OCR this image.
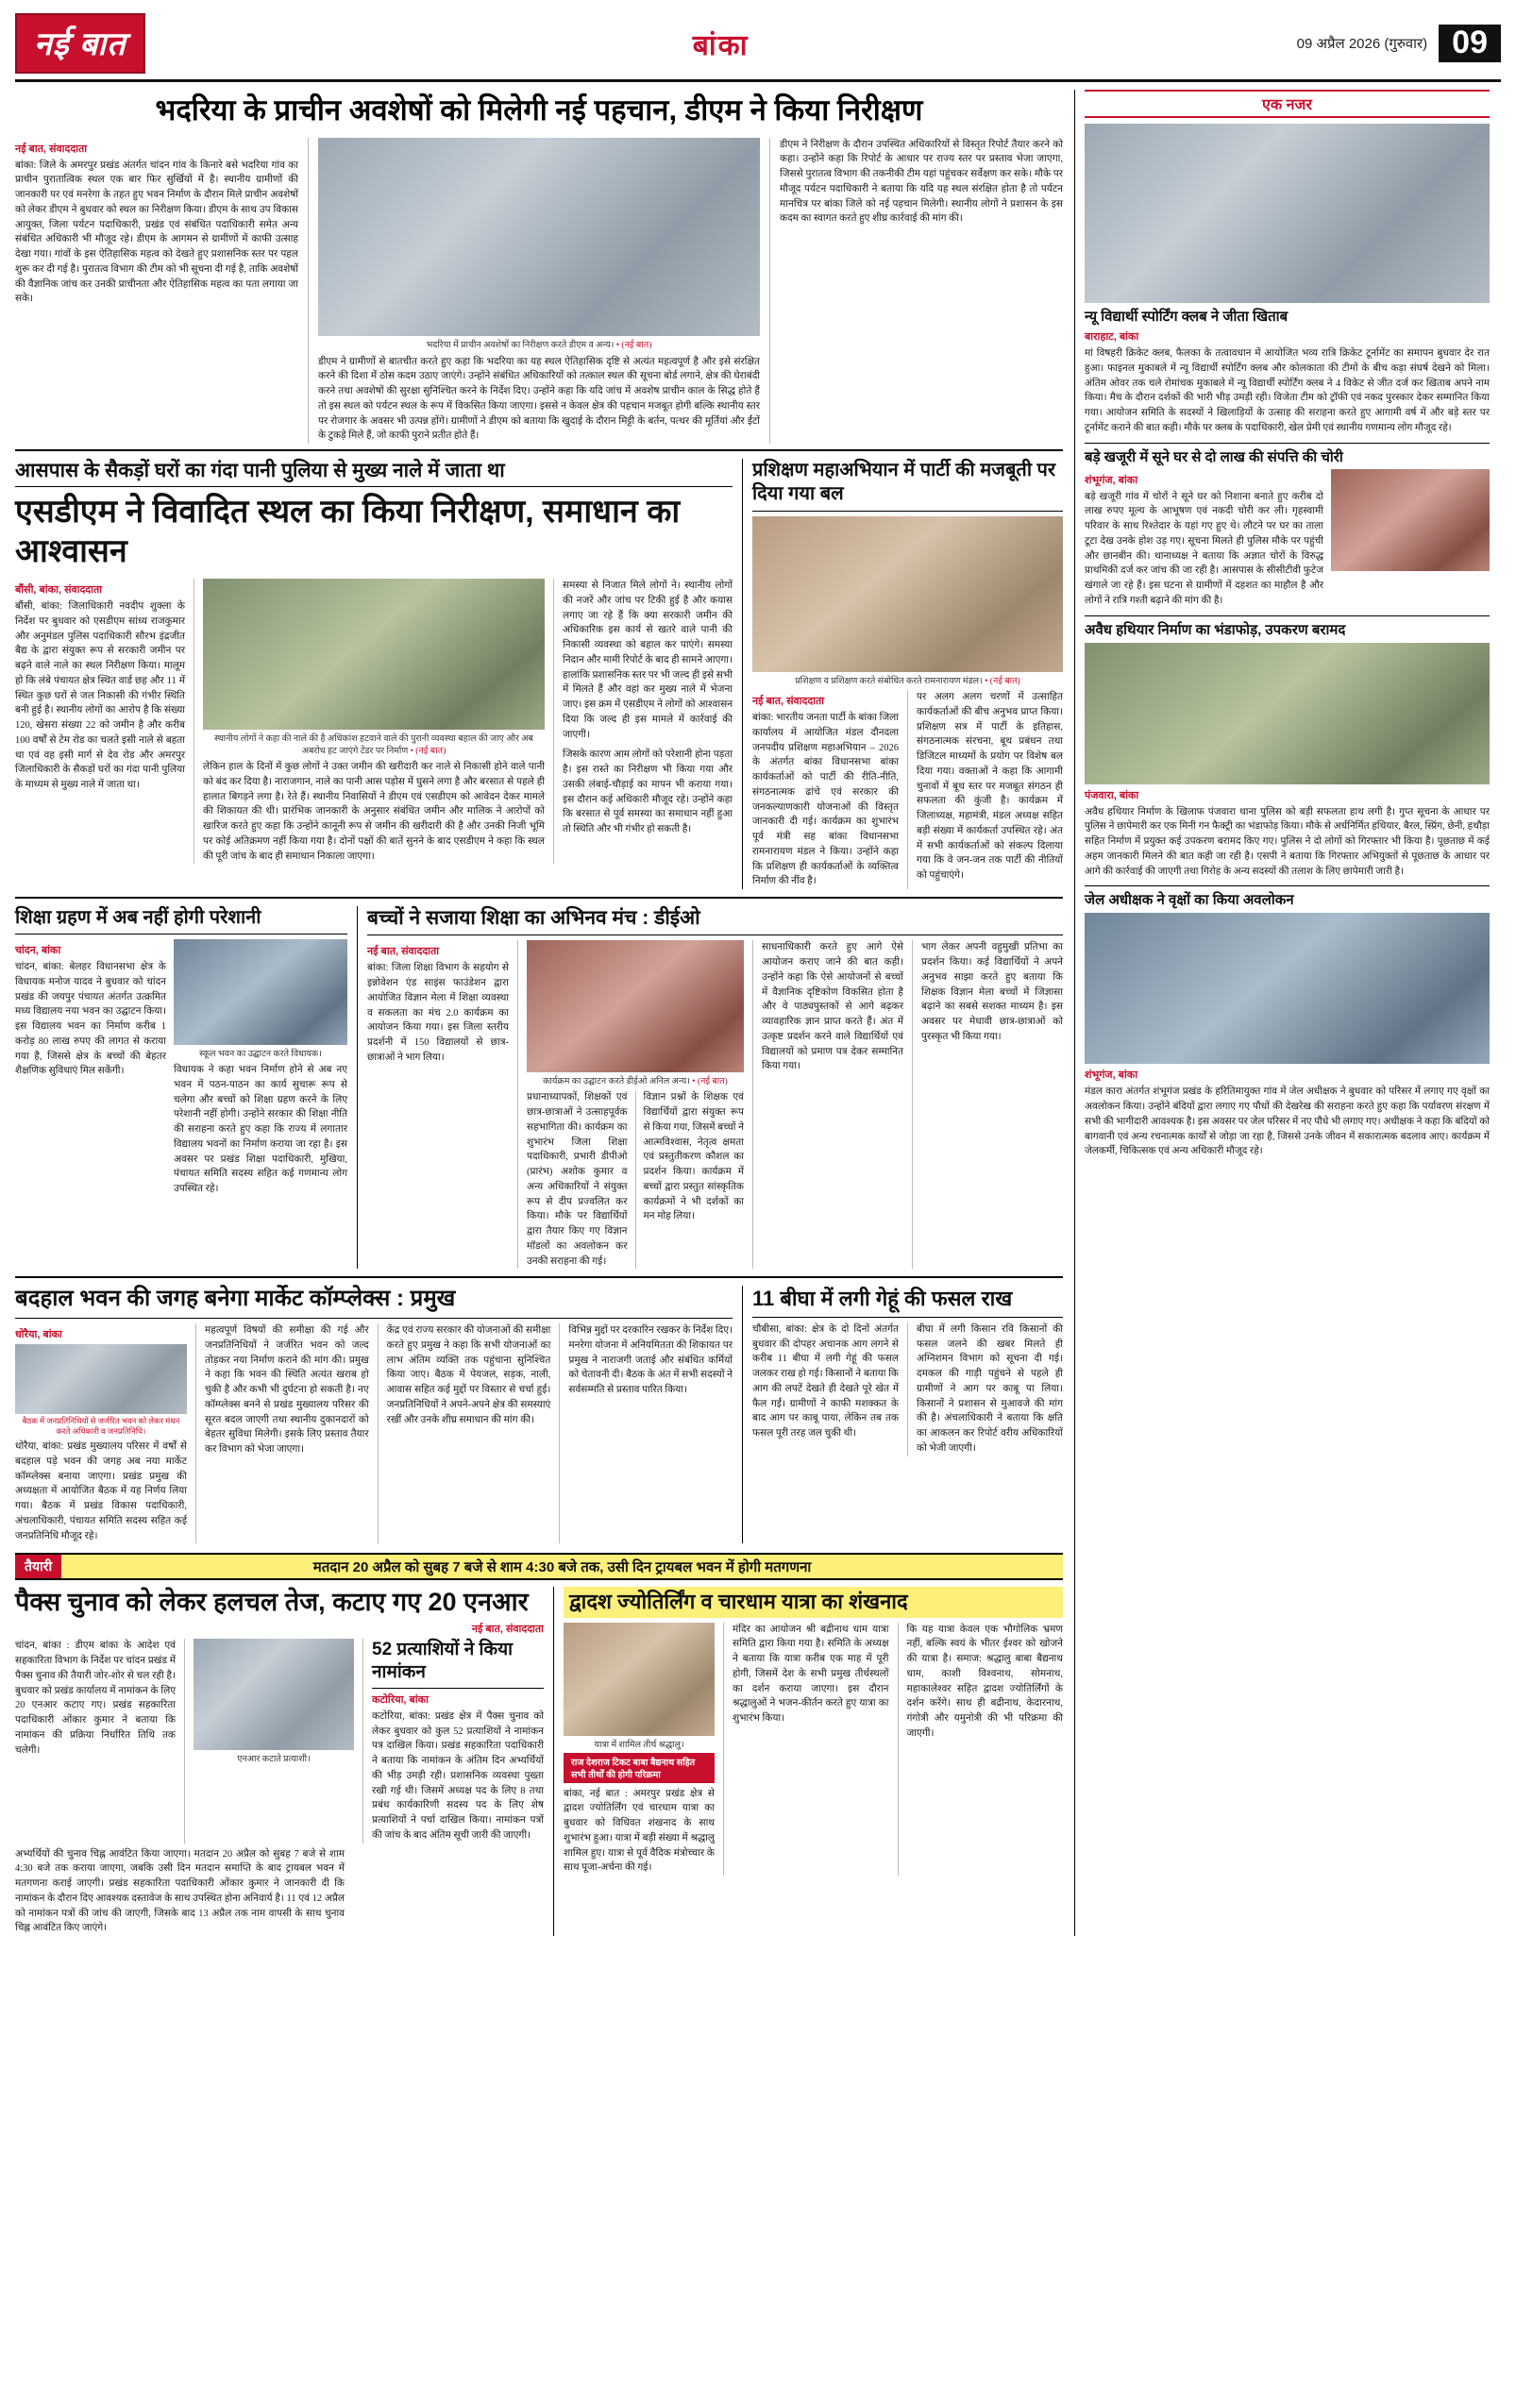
नई बात	बांका	09 अप्रैल 2026 (गुरुवार) 09
भदरिया के प्राचीन अवशेषों को मिलेगी नई पहचान, डीएम ने किया निरीक्षण
नई बात, संवाददाता
बांका: जिले के अमरपुर प्रखंड अंतर्गत चांदन गांव के किनारे बसे भदरिया गांव का प्राचीन पुरातात्विक स्थल एक बार फिर सुर्खियों में है। स्थानीय ग्रामीणों की जानकारी पर एवं मनरेगा के तहत हुए भवन निर्माण के दौरान मिले प्राचीन अवशेषों को लेकर डीएम ने बुधवार को स्थल का निरीक्षण किया। डीएम के साथ उप विकास आयुक्त, जिला पर्यटन पदाधिकारी, प्रखंड एवं संबंधित पदाधिकारी समेत अन्य संबंधित अधिकारी भी मौजूद रहे। डीएम के आगमन से ग्रामीणों में काफी उत्साह देखा गया। गांवों के इस ऐतिहासिक महत्व को देखते हुए प्रशासनिक स्तर पर पहल शुरू कर दी गई है। पुरातत्व विभाग की टीम को भी सूचना दी गई है, ताकि अवशेषों की वैज्ञानिक जांच कर उनकी प्राचीनता और ऐतिहासिक महत्व का पता लगाया जा सके।
भदरिया में प्राचीन अवशेषों का निरीक्षण करते डीएम व अन्य। • (नई बात)
डीएम ने ग्रामीणों से बातचीत करते हुए कहा कि भदरिया का यह स्थल ऐतिहासिक दृष्टि से अत्यंत महत्वपूर्ण है और इसे संरक्षित करने की दिशा में ठोस कदम उठाए जाएंगे। उन्होंने संबंधित अधिकारियों को तत्काल स्थल की सूचना बोर्ड लगाने, क्षेत्र की घेराबंदी करने तथा अवशेषों की सुरक्षा सुनिश्चित करने के निर्देश दिए। उन्होंने कहा कि यदि जांच में अवशेष प्राचीन काल के सिद्ध होते हैं तो इस स्थल को पर्यटन स्थल के रूप में विकसित किया जाएगा। इससे न केवल क्षेत्र की पहचान मजबूत होगी बल्कि स्थानीय स्तर पर रोजगार के अवसर भी उत्पन्न होंगे। ग्रामीणों ने डीएम को बताया कि खुदाई के दौरान मिट्टी के बर्तन, पत्थर की मूर्तियां और ईंटों के टुकड़े मिले हैं, जो काफी पुराने प्रतीत होते हैं।
डीएम ने निरीक्षण के दौरान उपस्थित अधिकारियों से विस्तृत रिपोर्ट तैयार करने को कहा। उन्होंने कहा कि रिपोर्ट के आधार पर राज्य स्तर पर प्रस्ताव भेजा जाएगा, जिससे पुरातत्व विभाग की तकनीकी टीम यहां पहुंचकर सर्वेक्षण कर सके। मौके पर मौजूद पर्यटन पदाधिकारी ने बताया कि यदि यह स्थल संरक्षित होता है तो पर्यटन मानचित्र पर बांका जिले को नई पहचान मिलेगी। स्थानीय लोगों ने प्रशासन के इस कदम का स्वागत करते हुए शीघ्र कार्रवाई की मांग की।
आसपास के सैकड़ों घरों का गंदा पानी पुलिया से मुख्य नाले में जाता था
एसडीएम ने विवादित स्थल का किया निरीक्षण, समाधान का आश्वासन
बौंसी, बांका, संवाददाता
बौंसी, बांका: जिलाधिकारी नवदीप शुक्ला के निर्देश पर बुधवार को एसडीएम सांध्य राजकुमार और अनुमंडल पुलिस पदाधिकारी सौरभ इंद्रजीत बैद्य के द्वारा संयुक्त रूप से सरकारी जमीन पर बढ़ने वाले नाले का स्थल निरीक्षण किया। मालूम हो कि लंबे पंचायत क्षेत्र स्थित वार्ड छह और 11 में स्थित कुछ घरों से जल निकासी की गंभीर स्थिति बनी हुई है। स्थानीय लोगों का आरोप है कि संख्या 120, खेसरा संख्या 22 को जमीन है और करीब 100 वर्षों से टेम रोड का चलते इसी नाले से बहता था एवं वह इसी मार्ग से देव रोड और अमरपुर जिलाधिकारी के सैकड़ों घरों का गंदा पानी पुलिया के माध्यम से मुख्य नाले में जाता था।
स्थानीय लोगों ने कहा की नाले की है अधिकांश हटवाने वाले की पुरानी व्यवस्था बहाल की जाए और अब अबरोध हट जाएंगे टेंडर पर निर्माण • (नई बात)
लेकिन हाल के दिनों में कुछ लोगों ने उक्त जमीन की खरीदारी कर नाले से निकासी होने वाले पानी को बंद कर दिया है। नाराजगान, नाले का पानी आस पड़ोस में घुसने लगा है और बरसात से पहले ही हालात बिगड़ने लगा है। रेते हैं। स्थानीय निवासियों ने डीएम एवं एसडीएम को आवेदन देकर मामले की शिकायत की थी। प्रारंभिक जानकारी के अनुसार संबंधित जमीन और मालिक ने आरोपों को खारिज करते हुए कहा कि उन्होंने कानूनी रूप से जमीन की खरीदारी की है और उनकी निजी भूमि पर कोई अतिक्रमण नहीं किया गया है। दोनों पक्षों की बातें सुनने के बाद एसडीएम ने कहा कि स्थल की पूरी जांच के बाद ही समाधान निकाला जाएगा।
समस्या से निजात मिले लोगों ने। स्थानीय लोगों की नजरें और जांच पर टिकी हुई है और कयास लगाए जा रहे हैं कि क्या सरकारी जमीन की अधिकारिक इस कार्य से खतरे वाले पानी की निकासी व्यवस्था को बहाल कर पाएंगे। समस्या निदान और मामी रिपोर्ट के बाद ही सामने आएगा। हालांकि प्रशासनिक स्तर पर भी जल्द ही इसे सभी में मिलते हैं और वहां कर मुख्य नाले में भेजना जाए। इस क्रम में एसडीएम ने लोगों को आश्वासन दिया कि जल्द ही इस मामले में कार्रवाई की जाएगी।
जिसके कारण आम लोगों को परेशानी होना पड़ता है। इस रास्ते का निरीक्षण भी किया गया और उसकी लंबाई-चौड़ाई का मापन भी कराया गया। इस दौरान कई अधिकारी मौजूद रहे। उन्होंने कहा कि बरसात से पूर्व समस्या का समाधान नहीं हुआ तो स्थिति और भी गंभीर हो सकती है।
प्रशिक्षण महाअभियान में पार्टी की मजबूती पर दिया गया बल
प्रशिक्षण व प्रशिक्षण करते संबोधित करते रामनारायण मंडल। • (नई बात)
नई बात, संवाददाता
बांका: भारतीय जनता पार्टी के बांका जिला कार्यालय में आयोजित मंडल दौनदला जनपदीय प्रशिक्षण महाअभियान – 2026 के अंतर्गत बांका विधानसभा बांका कार्यकर्ताओं को पार्टी की रीति-नीति, संगठनात्मक ढांचे एवं सरकार की जनकल्याणकारी योजनाओं की विस्तृत जानकारी दी गई। कार्यक्रम का शुभारंभ पूर्व मंत्री सह बांका विधानसभा रामनारायण मंडल ने किया। उन्होंने कहा कि प्रशिक्षण ही कार्यकर्ताओं के व्यक्तित्व निर्माण की नींव है।
पर अलग अलग चरणों में उत्साहित कार्यकर्ताओं की बीच अनुभव प्राप्त किया। प्रशिक्षण सत्र में पार्टी के इतिहास, संगठनात्मक संरचना, बूथ प्रबंधन तथा डिजिटल माध्यमों के प्रयोग पर विशेष बल दिया गया। वक्ताओं ने कहा कि आगामी चुनावों में बूथ स्तर पर मजबूत संगठन ही सफलता की कुंजी है। कार्यक्रम में जिलाध्यक्ष, महामंत्री, मंडल अध्यक्ष सहित बड़ी संख्या में कार्यकर्ता उपस्थित रहे। अंत में सभी कार्यकर्ताओं को संकल्प दिलाया गया कि वे जन-जन तक पार्टी की नीतियों को पहुंचाएंगे।
शिक्षा ग्रहण में अब नहीं होगी परेशानी
चांदन, बांका
चांदन, बांका: बेलहर विधानसभा क्षेत्र के विधायक मनोज यादव ने बुधवार को चांदन प्रखंड की जयपुर पंचायत अंतर्गत उत्क्रमित मध्य विद्यालय नया भवन का उद्घाटन किया। इस विद्यालय भवन का निर्माण करीब 1 करोड़ 80 लाख रुपए की लागत से कराया गया है, जिससे क्षेत्र के बच्चों की बेहतर शैक्षणिक सुविधाएं मिल सकेंगी।
स्कूल भवन का उद्घाटन करते विधायक।
विधायक ने कहा भवन निर्माण होने से अब नए भवन में पठन-पाठन का कार्य सुचारू रूप से चलेगा और बच्चों को शिक्षा ग्रहण करने के लिए परेशानी नहीं होगी। उन्होंने सरकार की शिक्षा नीति की सराहना करते हुए कहा कि राज्य में लगातार विद्यालय भवनों का निर्माण कराया जा रहा है। इस अवसर पर प्रखंड शिक्षा पदाधिकारी, मुखिया, पंचायत समिति सदस्य सहित कई गणमान्य लोग उपस्थित रहे।
बच्चों ने सजाया शिक्षा का अभिनव मंच : डीईओ
नई बात, संवाददाता
बांका: जिला शिक्षा विभाग के सहयोग से इन्नोवेशन एंड साइंस फाउंडेशन द्वारा आयोजित विज्ञान मेला में शिक्षा व्यवस्था व सकलता का मंच 2.0 कार्यक्रम का आयोजन किया गया। इस जिला स्तरीय प्रदर्शनी में 150 विद्यालयों से छात्र-छात्राओं ने भाग लिया।
कार्यक्रम का उद्घाटन करते डीईओ अनिल अन्य। • (नई बात)
प्रधानाध्यापकों, शिक्षकों एवं छात्र-छात्राओं ने उत्साहपूर्वक सहभागिता की। कार्यक्रम का शुभारंभ जिला शिक्षा पदाधिकारी, प्रभारी डीपीओ (प्रारंभ) अशोक कुमार व अन्य अधिकारियों ने संयुक्त रूप से दीप प्रज्वलित कर किया। मौके पर विद्यार्थियों द्वारा तैयार किए गए विज्ञान मॉडलों का अवलोकन कर उनकी सराहना की गई।
विज्ञान प्रश्नों के शिक्षक एवं विद्यार्थियों द्वारा संयुक्त रूप से किया गया, जिसमें बच्चों ने आत्मविश्वास, नेतृत्व क्षमता एवं प्रस्तुतीकरण कौशल का प्रदर्शन किया। कार्यक्रम में बच्चों द्वारा प्रस्तुत सांस्कृतिक कार्यक्रमों ने भी दर्शकों का मन मोह लिया।
साधनाधिकारी करते हुए आगे ऐसे आयोजन कराए जाने की बात कही। उन्होंने कहा कि ऐसे आयोजनों से बच्चों में वैज्ञानिक दृष्टिकोण विकसित होता है और वे पाठ्यपुस्तकों से आगे बढ़कर व्यावहारिक ज्ञान प्राप्त करते हैं। अंत में उत्कृष्ट प्रदर्शन करने वाले विद्यार्थियों एवं विद्यालयों को प्रमाण पत्र देकर सम्मानित किया गया।
भाग लेकर अपनी वहुमुखी प्रतिभा का प्रदर्शन किया। कई विद्यार्थियों ने अपने अनुभव साझा करते हुए बताया कि शिक्षक विज्ञान मेला बच्चों में जिज्ञासा बढ़ाने का सबसे सशक्त माध्यम है। इस अवसर पर मेधावी छात्र-छात्राओं को पुरस्कृत भी किया गया।
बदहाल भवन की जगह बनेगा मार्केट कॉम्प्लेक्स : प्रमुख
धोरैया, बांका
बैठक में जनप्रतिनिधियों से जर्जरित भवन को लेकर मंथन करते अधिकारी व जनप्रतिनिधि।
धोरैया, बांका: प्रखंड मुख्यालय परिसर में वर्षों से बदहाल पड़े भवन की जगह अब नया मार्केट कॉम्प्लेक्स बनाया जाएगा। प्रखंड प्रमुख की अध्यक्षता में आयोजित बैठक में यह निर्णय लिया गया। बैठक में प्रखंड विकास पदाधिकारी, अंचलाधिकारी, पंचायत समिति सदस्य सहित कई जनप्रतिनिधि मौजूद रहे।
महत्वपूर्ण विषयों की समीक्षा की गई और जनप्रतिनिधियों ने जर्जरित भवन को जल्द तोड़कर नया निर्माण कराने की मांग की। प्रमुख ने कहा कि भवन की स्थिति अत्यंत खराब हो चुकी है और कभी भी दुर्घटना हो सकती है। नए कॉम्प्लेक्स बनने से प्रखंड मुख्यालय परिसर की सूरत बदल जाएगी तथा स्थानीय दुकानदारों को बेहतर सुविधा मिलेगी। इसके लिए प्रस्ताव तैयार कर विभाग को भेजा जाएगा।
केंद्र एवं राज्य सरकार की योजनाओं की समीक्षा करते हुए प्रमुख ने कहा कि सभी योजनाओं का लाभ अंतिम व्यक्ति तक पहुंचाना सुनिश्चित किया जाए। बैठक में पेयजल, सड़क, नाली, आवास सहित कई मुद्दों पर विस्तार से चर्चा हुई। जनप्रतिनिधियों ने अपने-अपने क्षेत्र की समस्याएं रखीं और उनके शीघ्र समाधान की मांग की।
विभिन्न मुद्दों पर दरकारिन रखकर के निर्देश दिए। मनरेगा योजना में अनियमितता की शिकायत पर प्रमुख ने नाराजगी जताई और संबंधित कर्मियों को चेतावनी दी। बैठक के अंत में सभी सदस्यों ने सर्वसम्मति से प्रस्ताव पारित किया।
11 बीघा में लगी गेहूं की फसल राख
चौबीसा, बांका: क्षेत्र के दो दिनों अंतर्गत बुधवार की दोपहर अचानक आग लगने से करीब 11 बीघा में लगी गेहूं की फसल जलकर राख हो गई। किसानों ने बताया कि आग की लपटें देखते ही देखते पूरे खेत में फैल गईं। ग्रामीणों ने काफी मशक्कत के बाद आग पर काबू पाया, लेकिन तब तक फसल पूरी तरह जल चुकी थी।
बीघा में लगी किसान रवि किसानों की फसल जलने की खबर मिलते ही अग्निशमन विभाग को सूचना दी गई। दमकल की गाड़ी पहुंचने से पहले ही ग्रामीणों ने आग पर काबू पा लिया। किसानों ने प्रशासन से मुआवजे की मांग की है। अंचलाधिकारी ने बताया कि क्षति का आकलन कर रिपोर्ट वरीय अधिकारियों को भेजी जाएगी।
तैयारी	मतदान 20 अप्रैल को सुबह 7 बजे से शाम 4:30 बजे तक, उसी दिन ट्रायबल भवन में होगी मतगणना
पैक्स चुनाव को लेकर हलचल तेज, कटाए गए 20 एनआर
नई बात, संवाददाता
चांदन, बांका : डीएम बांका के आदेश एवं सहकारिता विभाग के निर्देश पर चांदन प्रखंड में पैक्स चुनाव की तैयारी जोर-शोर से चल रही है। बुधवार को प्रखंड कार्यालय में नामांकन के लिए 20 एनआर कटाए गए। प्रखंड सहकारिता पदाधिकारी ओंकार कुमार ने बताया कि नामांकन की प्रक्रिया निर्धारित तिथि तक चलेगी।
एनआर कटाते प्रत्याशी।
52 प्रत्याशियों ने किया नामांकन
कटोरिया, बांका
कटोरिया, बांका: प्रखंड क्षेत्र में पैक्स चुनाव को लेकर बुधवार को कुल 52 प्रत्याशियों ने नामांकन पत्र दाखिल किया। प्रखंड सहकारिता पदाधिकारी ने बताया कि नामांकन के अंतिम दिन अभ्यर्थियों की भीड़ उमड़ी रही। प्रशासनिक व्यवस्था पुख्ता रखी गई थी। जिसमें अध्यक्ष पद के लिए 8 तथा प्रबंध कार्यकारिणी सदस्य पद के लिए शेष प्रत्याशियों ने पर्चा दाखिल किया। नामांकन पत्रों की जांच के बाद अंतिम सूची जारी की जाएगी।
अभ्यर्थियों की चुनाव चिह्न आवंटित किया जाएगा। मतदान 20 अप्रैल को सुबह 7 बजे से शाम 4:30 बजे तक कराया जाएगा, जबकि उसी दिन मतदान समाप्ति के बाद ट्रायबल भवन में मतगणना कराई जाएगी। प्रखंड सहकारिता पदाधिकारी ओंकार कुमार ने जानकारी दी कि नामांकन के दौरान दिए आवश्यक दस्तावेज के साथ उपस्थित होना अनिवार्य है। 11 एवं 12 अप्रैल को नामांकन पत्रों की जांच की जाएगी, जिसके बाद 13 अप्रैल तक नाम वापसी के साथ चुनाव चिह्न आवंटित किए जाएंगे।
द्वादश ज्योतिर्लिंग व चारधाम यात्रा का शंखनाद
यात्रा में शामिल तीर्थ श्रद्धालु।
राज देशराज टिकट बाबा बैद्यनाथ सहित सभी तीर्थों की होगी परिक्रमा
बांका, नई बात : अमरपुर प्रखंड क्षेत्र से द्वादश ज्योतिर्लिंग एवं चारधाम यात्रा का बुधवार को विधिवत शंखनाद के साथ शुभारंभ हुआ। यात्रा में बड़ी संख्या में श्रद्धालु शामिल हुए। यात्रा से पूर्व वैदिक मंत्रोच्चार के साथ पूजा-अर्चना की गई।
मंदिर का आयोजन श्री बद्रीनाथ धाम यात्रा समिति द्वारा किया गया है। समिति के अध्यक्ष ने बताया कि यात्रा करीब एक माह में पूरी होगी, जिसमें देश के सभी प्रमुख तीर्थस्थलों का दर्शन कराया जाएगा। इस दौरान श्रद्धालुओं ने भजन-कीर्तन करते हुए यात्रा का शुभारंभ किया।
कि यह यात्रा केवल एक भौगोलिक भ्रमण नहीं, बल्कि स्वयं के भीतर ईश्वर को खोजने की यात्रा है। समाज: श्रद्धालु बाबा बैद्यनाथ धाम, काशी विश्वनाथ, सोमनाथ, महाकालेश्वर सहित द्वादश ज्योतिर्लिंगों के दर्शन करेंगे। साथ ही बद्रीनाथ, केदारनाथ, गंगोत्री और यमुनोत्री की भी परिक्रमा की जाएगी।
एक नजर
न्यू विद्यार्थी स्पोर्टिंग क्लब ने जीता खिताब
बाराहाट, बांका
मां विषहरी क्रिकेट क्लब, फैलका के तत्वावधान में आयोजित भव्य रात्रि क्रिकेट टूर्नामेंट का समापन बुधवार देर रात हुआ। फाइनल मुकाबले में न्यू विद्यार्थी स्पोर्टिंग क्लब और कोलकाता की टीमों के बीच कड़ा संघर्ष देखने को मिला। अंतिम ओवर तक चले रोमांचक मुकाबले में न्यू विद्यार्थी स्पोर्टिंग क्लब ने 4 विकेट से जीत दर्ज कर खिताब अपने नाम किया। मैच के दौरान दर्शकों की भारी भीड़ उमड़ी रही। विजेता टीम को ट्रॉफी एवं नकद पुरस्कार देकर सम्मानित किया गया। आयोजन समिति के सदस्यों ने खिलाड़ियों के उत्साह की सराहना करते हुए आगामी वर्ष में और बड़े स्तर पर टूर्नामेंट कराने की बात कही। मौके पर क्लब के पदाधिकारी, खेल प्रेमी एवं स्थानीय गणमान्य लोग मौजूद रहे।
बड़े खजूरी में सूने घर से दो लाख की संपत्ति की चोरी
शंभूगंज, बांका
बड़े खजूरी गांव में चोरों ने सूने घर को निशाना बनाते हुए करीब दो लाख रुपए मूल्य के आभूषण एवं नकदी चोरी कर ली। गृहस्वामी परिवार के साथ रिश्तेदार के यहां गए हुए थे। लौटने पर घर का ताला टूटा देख उनके होश उड़ गए। सूचना मिलते ही पुलिस मौके पर पहुंची और छानबीन की। थानाध्यक्ष ने बताया कि अज्ञात चोरों के विरुद्ध प्राथमिकी दर्ज कर जांच की जा रही है। आसपास के सीसीटीवी फुटेज खंगाले जा रहे हैं। इस घटना से ग्रामीणों में दहशत का माहौल है और लोगों ने रात्रि गश्ती बढ़ाने की मांग की है।
अवैध हथियार निर्माण का भंडाफोड़, उपकरण बरामद
पंजवारा, बांका
अवैध हथियार निर्माण के खिलाफ पंजवारा थाना पुलिस को बड़ी सफलता हाथ लगी है। गुप्त सूचना के आधार पर पुलिस ने छापेमारी कर एक मिनी गन फैक्ट्री का भंडाफोड़ किया। मौके से अर्धनिर्मित हथियार, बैरल, स्प्रिंग, छेनी, हथौड़ा सहित निर्माण में प्रयुक्त कई उपकरण बरामद किए गए। पुलिस ने दो लोगों को गिरफ्तार भी किया है। पूछताछ में कई अहम जानकारी मिलने की बात कही जा रही है। एसपी ने बताया कि गिरफ्तार अभियुक्तों से पूछताछ के आधार पर आगे की कार्रवाई की जाएगी तथा गिरोह के अन्य सदस्यों की तलाश के लिए छापेमारी जारी है।
जेल अधीक्षक ने वृक्षों का किया अवलोकन
शंभूगंज, बांका
मंडल कारा अंतर्गत शंभूगंज प्रखंड के हरितिमायुक्त गांव में जेल अधीक्षक ने बुधवार को परिसर में लगाए गए वृक्षों का अवलोकन किया। उन्होंने बंदियों द्वारा लगाए गए पौधों की देखरेख की सराहना करते हुए कहा कि पर्यावरण संरक्षण में सभी की भागीदारी आवश्यक है। इस अवसर पर जेल परिसर में नए पौधे भी लगाए गए। अधीक्षक ने कहा कि बंदियों को बागवानी एवं अन्य रचनात्मक कार्यों से जोड़ा जा रहा है, जिससे उनके जीवन में सकारात्मक बदलाव आए। कार्यक्रम में जेलकर्मी, चिकित्सक एवं अन्य अधिकारी मौजूद रहे।
